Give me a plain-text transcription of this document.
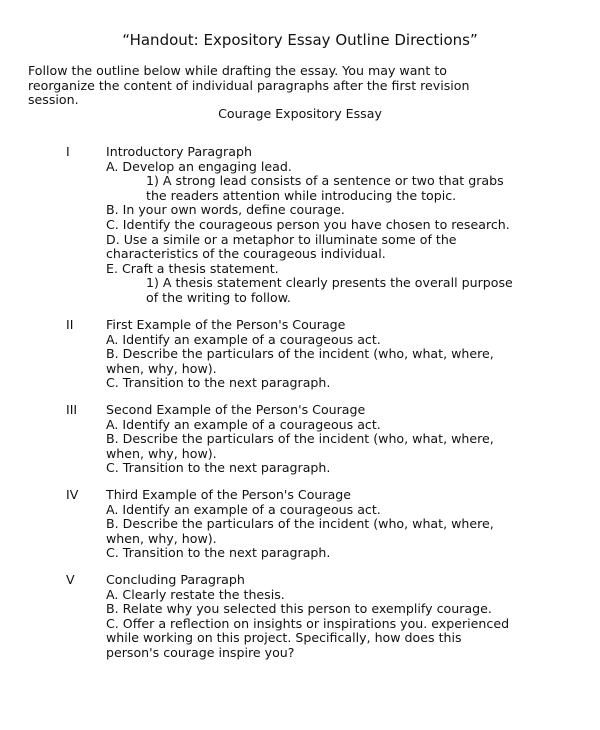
“Handout: Expository Essay Outline Directions”
Follow the outline below while drafting the essay. You may want to
reorganize the content of individual paragraphs after the first revision
session.
Courage Expository Essay
I	Introductory Paragraph
A. Develop an engaging lead.
1) A strong lead consists of a sentence or two that grabs
the readers attention while introducing the topic.
B. In your own words, define courage.
C. Identify the courageous person you have chosen to research.
D. Use a simile or a metaphor to illuminate some of the
characteristics of the courageous individual.
E. Craft a thesis statement.
1) A thesis statement clearly presents the overall purpose
of the writing to follow.
II	First Example of the Person's Courage
A. Identify an example of a courageous act.
B. Describe the particulars of the incident (who, what, where,
when, why, how).
C. Transition to the next paragraph.
III Second Example of the Person's Courage
A. Identify an example of a courageous act.
B. Describe the particulars of the incident (who, what, where,
when, why, how).
C. Transition to the next paragraph.
IV Third Example of the Person's Courage
A. Identify an example of a courageous act.
B. Describe the particulars of the incident (who, what, where,
when, why, how).
C. Transition to the next paragraph.
V Concluding Paragraph
A. Clearly restate the thesis.
B. Relate why you selected this person to exemplify courage.
C. Offer a reflection on insights or inspirations you. experienced
while working on this project. Specifically, how does this
person's courage inspire you?
